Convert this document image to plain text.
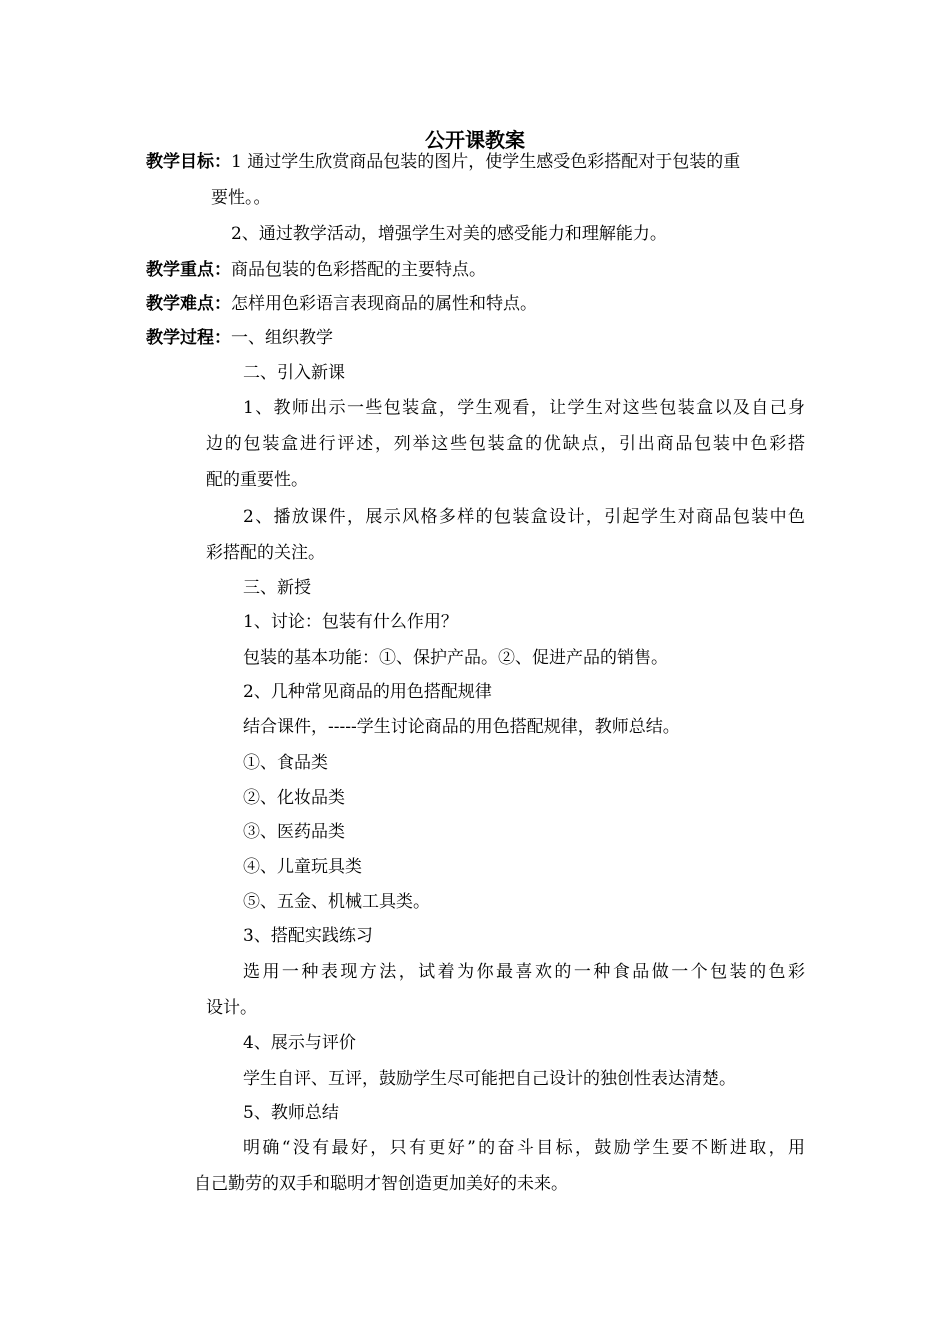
公开课教案
教学目标：1 通过学生欣赏商品包装的图片，使学生感受色彩搭配对于包装的重
要性。。
2、通过教学活动，增强学生对美的感受能力和理解能力。
教学重点：商品包装的色彩搭配的主要特点。
教学难点：怎样用色彩语言表现商品的属性和特点。
教学过程：一、组织教学
二、引入新课
1、教师出示一些包装盒，学生观看，让学生对这些包装盒以及自己身
边的包装盒进行评述，列举这些包装盒的优缺点，引出商品包装中色彩搭
配的重要性。
2、播放课件，展示风格多样的包装盒设计，引起学生对商品包装中色
彩搭配的关注。
三、新授
1、讨论：包装有什么作用？
包装的基本功能：①、保护产品。②、促进产品的销售。
2、几种常见商品的用色搭配规律
结合课件，-----学生讨论商品的用色搭配规律，教师总结。
①、食品类
②、化妆品类
③、医药品类
④、儿童玩具类
⑤、五金、机械工具类。
3、搭配实践练习
选用一种表现方法，试着为你最喜欢的一种食品做一个包装的色彩
设计。
4、展示与评价
学生自评、互评，鼓励学生尽可能把自己设计的独创性表达清楚。
5、教师总结
明确“没有最好，只有更好”的奋斗目标，鼓励学生要不断进取，用
自己勤劳的双手和聪明才智创造更加美好的未来。
